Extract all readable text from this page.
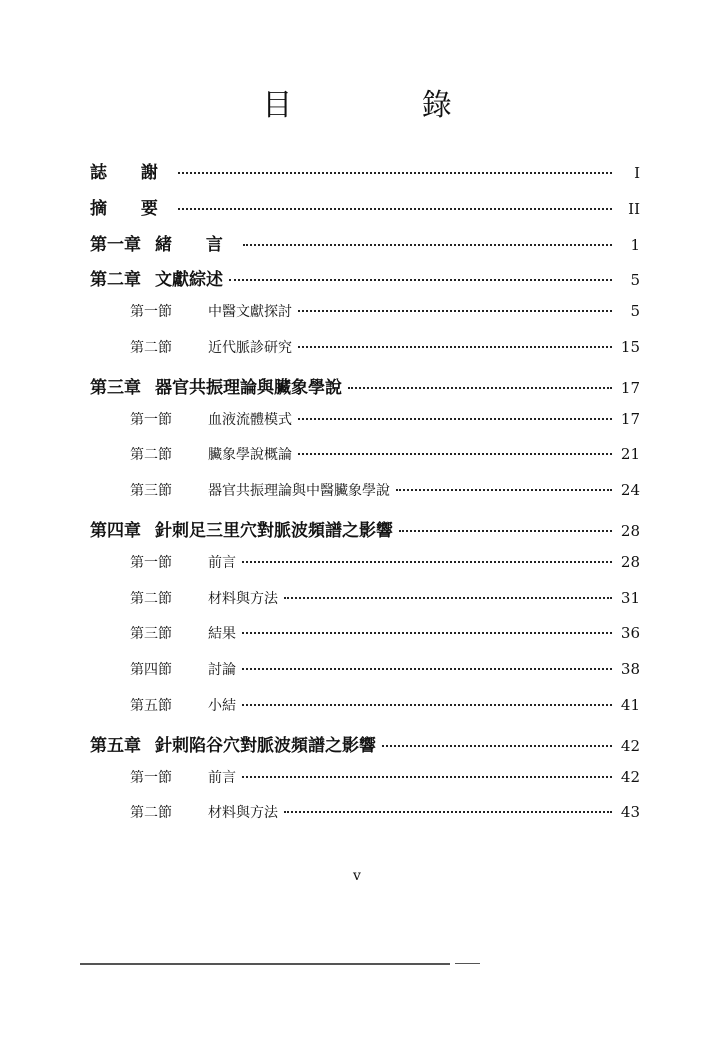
目 錄
誌 謝	I
摘 要	II
第一章 緒 言	1
第二章 文獻綜述	5
第一節	中醫文獻探討	5
第二節	近代脈診研究	15
第三章 器官共振理論與臟象學說	17
第一節	血液流體模式	17
第二節	臟象學說概論	21
第三節	器官共振理論與中醫臟象學說	24
第四章 針刺足三里穴對脈波頻譜之影響	28
第一節	前言	28
第二節	材料與方法	31
第三節	結果	36
第四節	討論	38
第五節	小結	41
第五章 針刺陷谷穴對脈波頻譜之影響	42
第一節	前言	42
第二節	材料與方法	43
v
